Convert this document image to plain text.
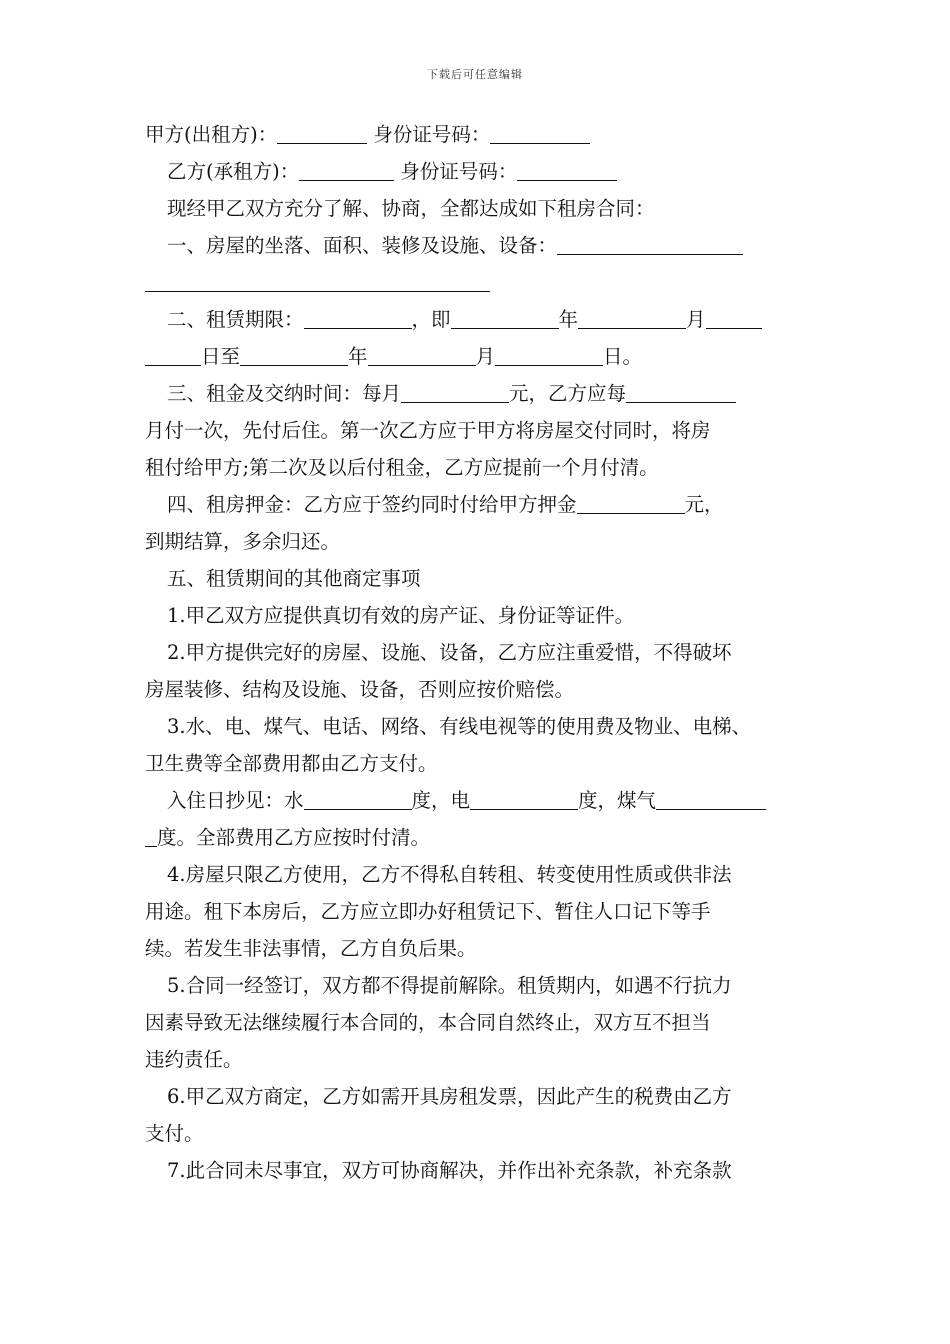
下载后可任意编辑
甲方(出租方)：	身份证号码：
乙方(承租方)：	身份证号码：
现经甲乙双方充分了解、协商，全都达成如下租房合同：
一、房屋的坐落、面积、装修及设施、设备：
二、租赁期限：	，即	年	月
日至	年	月	日。
三、租金及交纳时间：每月	元，乙方应每
月付一次，先付后住。第一次乙方应于甲方将房屋交付同时，将房
租付给甲方;第二次及以后付租金，乙方应提前一个月付清。
四、租房押金：乙方应于签约同时付给甲方押金	元，
到期结算，多余归还。
五、租赁期间的其他商定事项
1.甲乙双方应提供真切有效的房产证、身份证等证件。
2.甲方提供完好的房屋、设施、设备，乙方应注重爱惜，不得破坏
房屋装修、结构及设施、设备，否则应按价赔偿。
3.水、电、煤气、电话、网络、有线电视等的使用费及物业、电梯、
卫生费等全部费用都由乙方支付。
入住日抄见：水	度，电	度，煤气
度。全部费用乙方应按时付清。
4.房屋只限乙方使用，乙方不得私自转租、转变使用性质或供非法
用途。租下本房后，乙方应立即办好租赁记下、暂住人口记下等手
续。若发生非法事情，乙方自负后果。
5.合同一经签订，双方都不得提前解除。租赁期内，如遇不行抗力
因素导致无法继续履行本合同的，本合同自然终止，双方互不担当
违约责任。
6.甲乙双方商定，乙方如需开具房租发票，因此产生的税费由乙方
支付。
7.此合同未尽事宜，双方可协商解决，并作出补充条款，补充条款
